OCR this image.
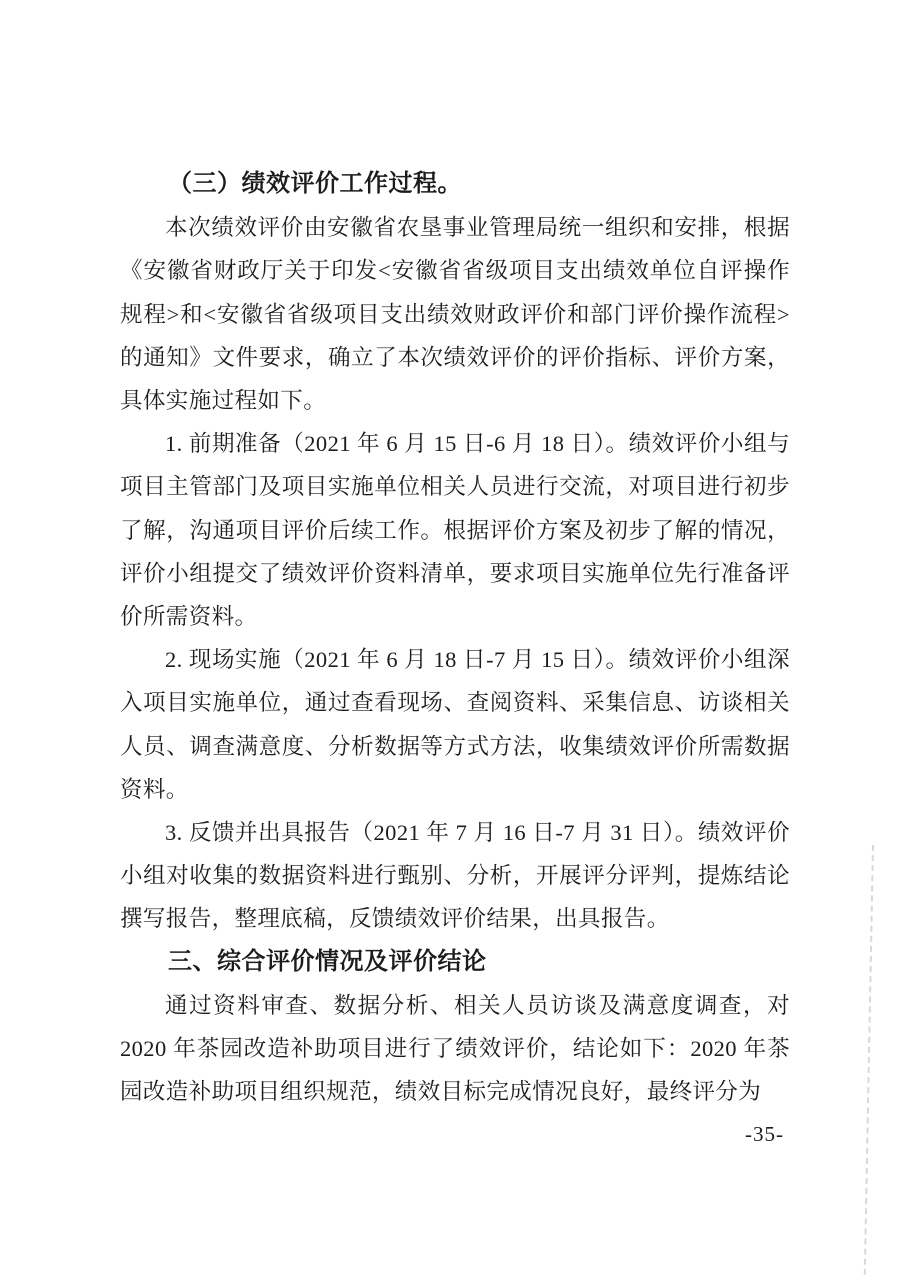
（三）绩效评价工作过程。

本次绩效评价由安徽省农垦事业管理局统一组织和安排，根据《安徽省财政厅关于印发<安徽省省级项目支出绩效单位自评操作规程>和<安徽省省级项目支出绩效财政评价和部门评价操作流程>的通知》文件要求，确立了本次绩效评价的评价指标、评价方案，具体实施过程如下。

1. 前期准备（2021 年 6 月 15 日-6 月 18 日）。绩效评价小组与项目主管部门及项目实施单位相关人员进行交流，对项目进行初步了解，沟通项目评价后续工作。根据评价方案及初步了解的情况，评价小组提交了绩效评价资料清单，要求项目实施单位先行准备评价所需资料。

2. 现场实施（2021 年 6 月 18 日-7 月 15 日）。绩效评价小组深入项目实施单位，通过查看现场、查阅资料、采集信息、访谈相关人员、调查满意度、分析数据等方式方法，收集绩效评价所需数据资料。

3. 反馈并出具报告（2021 年 7 月 16 日-7 月 31 日）。绩效评价小组对收集的数据资料进行甄别、分析，开展评分评判，提炼结论撰写报告，整理底稿，反馈绩效评价结果，出具报告。

三、综合评价情况及评价结论

通过资料审查、数据分析、相关人员访谈及满意度调查，对 2020 年茶园改造补助项目进行了绩效评价，结论如下：2020 年茶园改造补助项目组织规范，绩效目标完成情况良好，最终评分为

-35-
